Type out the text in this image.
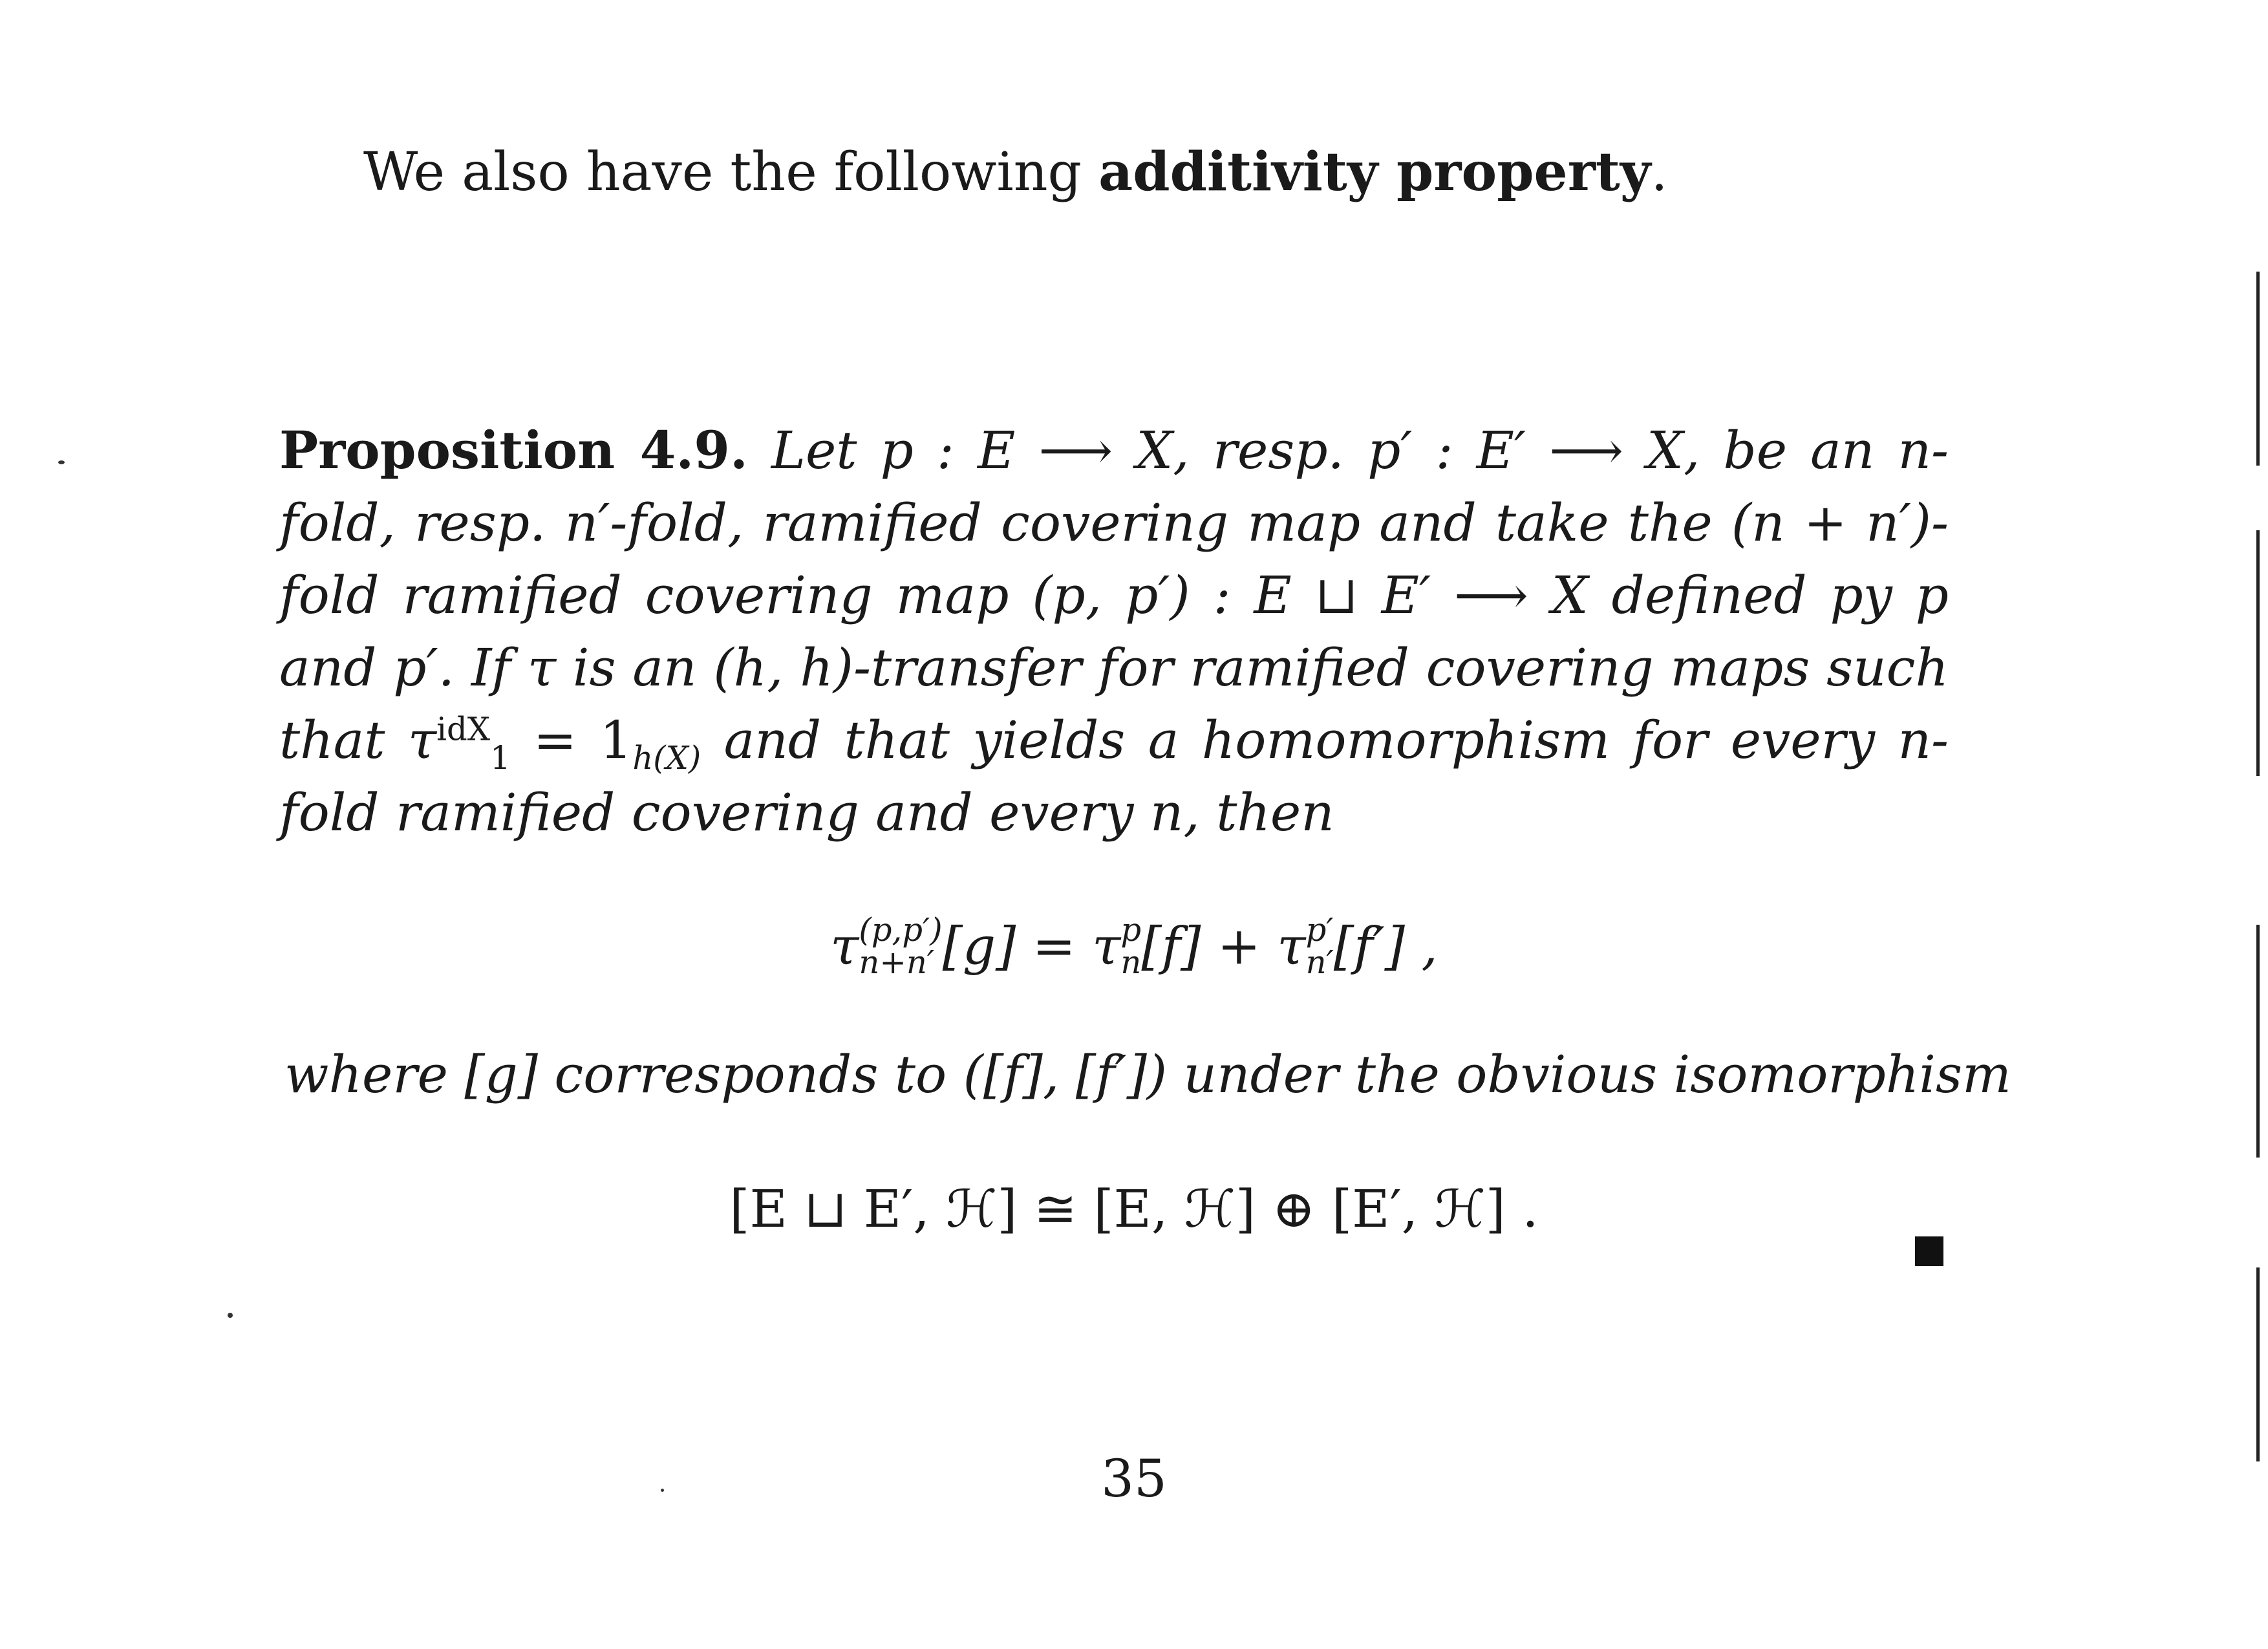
We also have the following additivity property.
Proposition 4.9. Let p : E ⟶ X, resp. p′ : E′ ⟶ X, be an n-fold, resp. n′-fold, ramified covering map and take the (n + n′)- fold ramified covering map (p, p′) : E ⊔ E′ ⟶ X defined py p and p′. If τ is an (h, h)-transfer for ramified covering maps such that $\tau^{idX}_1 = 1_{h(X)}$ and that yields a homomorphism for every n-fold ramified covering and every n, then
τ (p,p′)
n+n′ [g] = τ p
n [f] + τ p′
n′ [f′] ,
where [g] corresponds to ([f], [f′]) under the obvious isomorphism
[E ⊔ E′, ℋ] ≅ [E, ℋ] ⊕ [E′, ℋ] .
35
